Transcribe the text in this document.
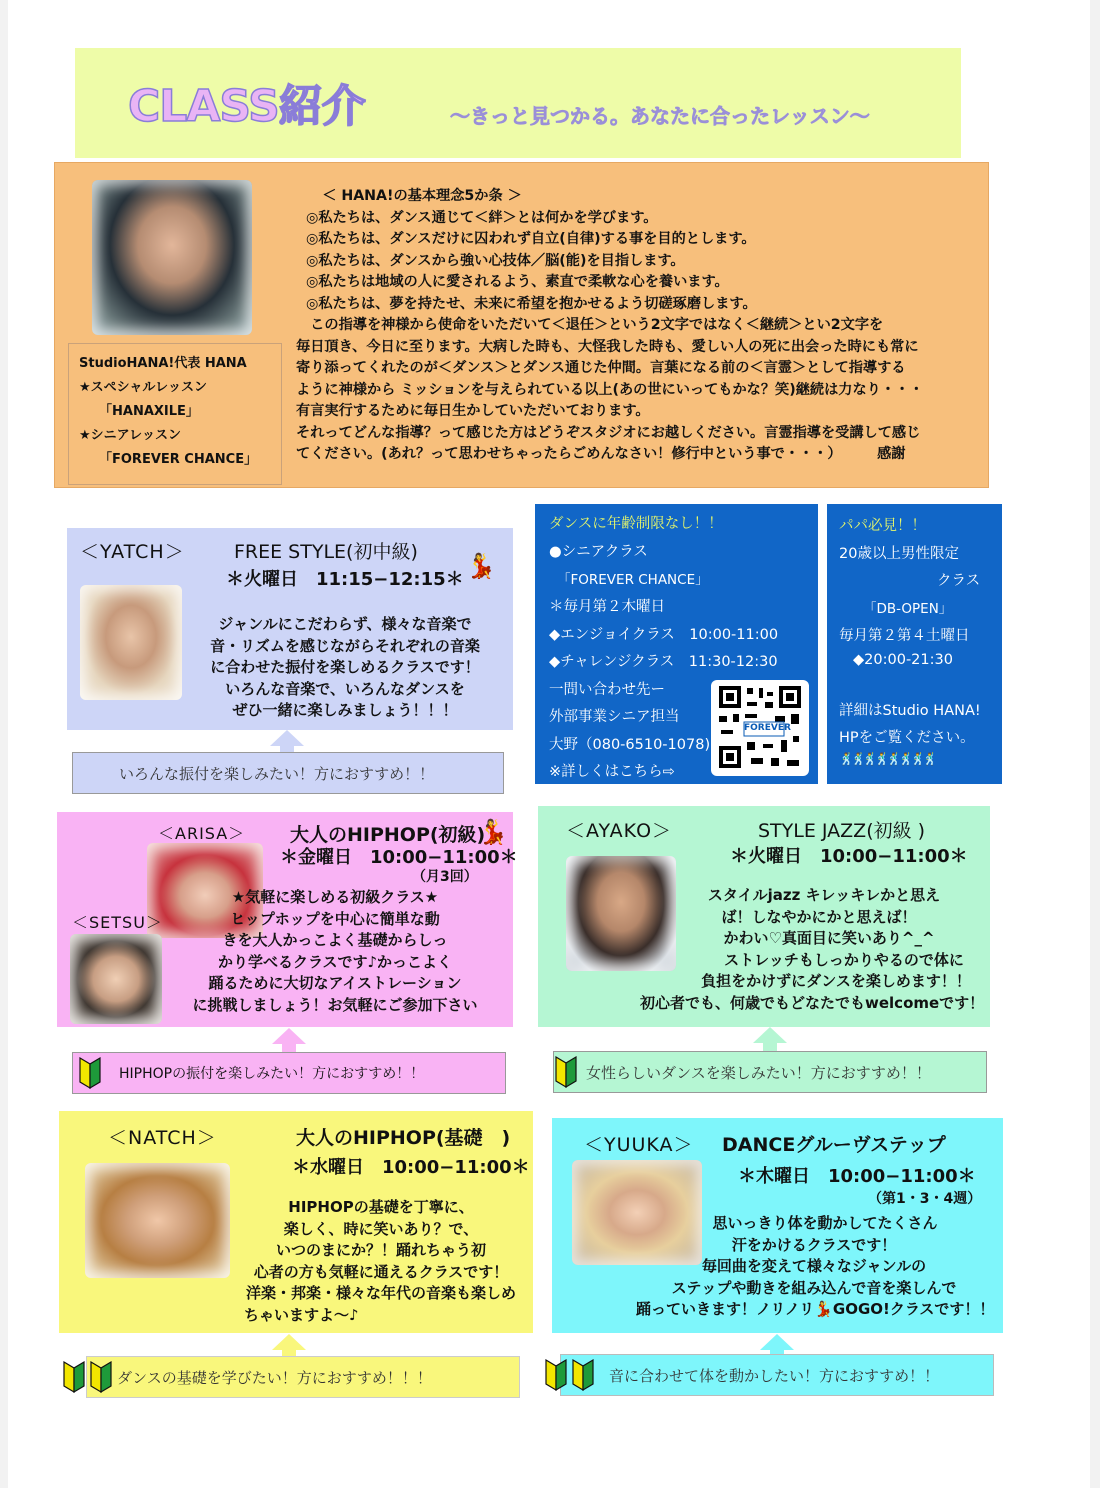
CLASS紹介	〜きっと見つかる。あなたに合ったレッスン〜
StudioHANA!代表 HANA
★スペシャルレッスン
「HANAXILE」
★シニアレッスン
「FOREVER CHANCE」
　＜ HANA!の基本理念5か条 ＞
◎私たちは、ダンス通じて＜絆＞とは何かを学びます。
◎私たちは、ダンスだけに囚われず自立(自律)する事を目的とします。
◎私たちは、ダンスから強い心技体／脳(能)を目指します。
◎私たちは地域の人に愛されるよう、素直で柔軟な心を養います。
◎私たちは、夢を持たせ、未来に希望を抱かせるよう切磋琢磨します。
　この指導を神様から使命をいただいて＜退任＞という2文字ではなく＜継続＞とい2文字を
毎日頂き、今日に至ります。大病した時も、大怪我した時も、愛しい人の死に出会った時にも常に
寄り添ってくれたのが＜ダンス＞とダンス通じた仲間。言葉になる前の＜言霊＞として指導する
ように神様から ミッションを与えられている以上(あの世にいってもかな？笑)継続は力なり・・・
有言実行するために毎日生かしていただいております。
それってどんな指導？って感じた方はどうぞスタジオにお越しください。言霊指導を受講して感じ
てください。(あれ？って思わせちゃったらごめんなさい！修行中という事で・・・）　　　感謝
＜YATCH＞	FREE STYLE(初中級)
＊火曜日　11:15−12:15＊ 💃
ジャンルにこだわらず、様々な音楽で
音・リズムを感じながらそれぞれの音楽
に合わせた振付を楽しめるクラスです！
いろんな音楽で、いろんなダンスを
ぜひ一緒に楽しみましょう！！！
いろんな振付を楽しみたい！方におすすめ！！
ダンスに年齢制限なし！！
●シニアクラス
「FOREVER CHANCE」
＊毎月第２木曜日
◆エンジョイクラス　10:00-11:00
◆チャレンジクラス　11:30-12:30
一問い合わせ先ー
外部事業シニア担当
大野（080-6510-1078)
※詳しくはこちら⇨
FOREVER
パパ必見！！
20歳以上男性限定
クラス
「DB-OPEN」
毎月第２第４土曜日
◆20:00-21:30
詳細はStudio HANA!
HPをご覧ください。
🕺🕺🕺🕺🕺🕺🕺🕺
＜ARISA＞ 大人のHIPHOP(初級)
💃
＊金曜日　10:00−11:00＊
（月3回）
＜SETSU＞
★気軽に楽しめる初級クラス★
ヒップホップを中心に簡単な動
きを大人かっこよく基礎からしっ
かり学べるクラスです♪かっこよく
踊るために大切なアイストレーション
に挑戦しましょう！お気軽にご参加下さい
HIPHOPの振付を楽しみたい！方におすすめ！！
＜AYAKO＞	STYLE JAZZ(初級 )
＊火曜日　10:00−11:00＊
スタイルjazz キレッキレかと思え
ば！しなやかにかと思えば！
かわい♡真面目に笑いあり^_^
ストレッチもしっかりやるので体に
負担をかけずにダンスを楽しめます！！
初心者でも、何歳でもどなたでもwelcomeです！
女性らしいダンスを楽しみたい！方におすすめ！！
＜NATCH＞	大人のHIPHOP(基礎　)
＊水曜日　10:00−11:00＊
HIPHOPの基礎を丁寧に、
楽しく、時に笑いあり？で、
いつのまにか？！踊れちゃう初
心者の方も気軽に通えるクラスです！
洋楽・邦楽・様々な年代の音楽も楽しめ
ちゃいますよ〜♪
ダンスの基礎を学びたい！方におすすめ！！！
＜YUUKA＞ DANCEグルーヴステップ
＊木曜日　10:00−11:00＊
（第1・3・4週）
思いっきり体を動かしてたくさん
汗をかけるクラスです！
毎回曲を変えて様々なジャンルの
ステップや動きを組み込んで音を楽しんで
踊っていきます！ノリノリ💃GOGO!クラスです！！
音に合わせて体を動かしたい！方におすすめ！！
